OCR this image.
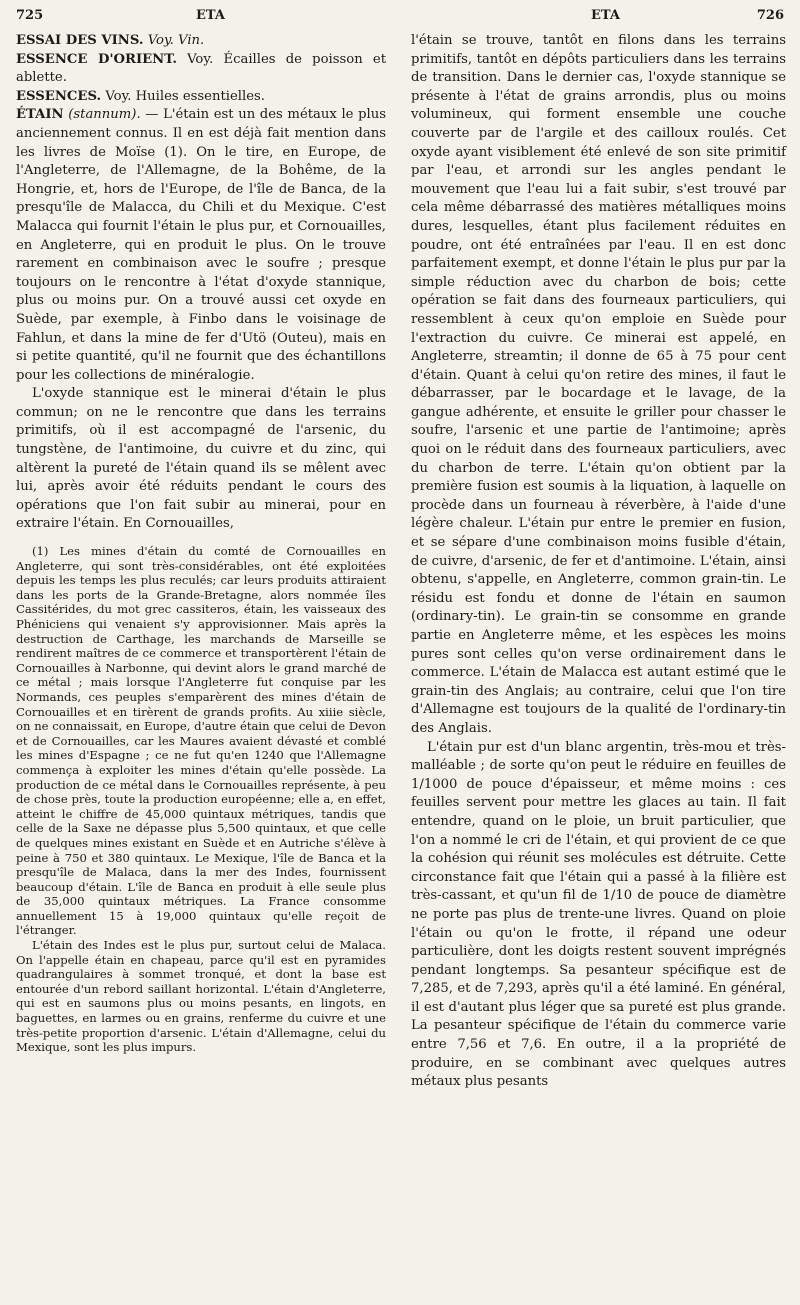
725	ETA	ETA	726

ESSAI DES VINS. Voy. Vin.

ESSENCE D'ORIENT. Voy. Écailles de poisson et ablette.

ESSENCES. Voy. Huiles essentielles.

ÉTAIN (stannum). — L'étain est un des métaux le plus anciennement connus. Il en est déjà fait mention dans les livres de Moïse (1). On le tire, en Europe, de l'Angleterre, de l'Allemagne, de la Bohême, de la Hongrie, et, hors de l'Europe, de l'île de Banca, de la presqu'île de Malacca, du Chili et du Mexique. C'est Malacca qui fournit l'étain le plus pur, et Cornouailles, en Angleterre, qui en produit le plus. On le trouve rarement en combinaison avec le soufre ; presque toujours on le rencontre à l'état d'oxyde stannique, plus ou moins pur. On a trouvé aussi cet oxyde en Suède, par exemple, à Finbo dans le voisinage de Fahlun, et dans la mine de fer d'Utö (Outeu), mais en si petite quantité, qu'il ne fournit que des échantillons pour les collections de minéralogie.

L'oxyde stannique est le minerai d'étain le plus commun; on ne le rencontre que dans les terrains primitifs, où il est accompagné de l'arsenic, du tungstène, de l'antimoine, du cuivre et du zinc, qui altèrent la pureté de l'étain quand ils se mêlent avec lui, après avoir été réduits pendant le cours des opérations que l'on fait subir au minerai, pour en extraire l'étain. En Cornouailles,

(1) Les mines d'étain du comté de Cornouailles en Angleterre, qui sont très-considérables, ont été exploitées depuis les temps les plus reculés; car leurs produits attiraient dans les ports de la Grande-Bretagne, alors nommée îles Cassitérides, du mot grec cassiteros, étain, les vaisseaux des Phéniciens qui venaient s'y approvisionner. Mais après la destruction de Carthage, les marchands de Marseille se rendirent maîtres de ce commerce et transportèrent l'étain de Cornouailles à Narbonne, qui devint alors le grand marché de ce métal ; mais lorsque l'Angleterre fut conquise par les Normands, ces peuples s'emparèrent des mines d'étain de Cornouailles et en tirèrent de grands profits. Au xiiie siècle, on ne connaissait, en Europe, d'autre étain que celui de Devon et de Cornouailles, car les Maures avaient dévasté et comblé les mines d'Espagne ; ce ne fut qu'en 1240 que l'Allemagne commença à exploiter les mines d'étain qu'elle possède. La production de ce métal dans le Cornouailles représente, à peu de chose près, toute la production européenne; elle a, en effet, atteint le chiffre de 45,000 quintaux métriques, tandis que celle de la Saxe ne dépasse plus 5,500 quintaux, et que celle de quelques mines existant en Suède et en Autriche s'élève à peine à 750 et 380 quintaux. Le Mexique, l'île de Banca et la presqu'île de Malaca, dans la mer des Indes, fournissent beaucoup d'étain. L'île de Banca en produit à elle seule plus de 35,000 quintaux métriques. La France consomme annuellement 15 à 19,000 quintaux qu'elle reçoit de l'étranger.

L'étain des Indes est le plus pur, surtout celui de Malaca. On l'appelle étain en chapeau, parce qu'il est en pyramides quadrangulaires à sommet tronqué, et dont la base est entourée d'un rebord saillant horizontal. L'étain d'Angleterre, qui est en saumons plus ou moins pesants, en lingots, en baguettes, en larmes ou en grains, renferme du cuivre et une très-petite proportion d'arsenic. L'étain d'Allemagne, celui du Mexique, sont les plus impurs.

l'étain se trouve, tantôt en filons dans les terrains primitifs, tantôt en dépôts particuliers dans les terrains de transition. Dans le dernier cas, l'oxyde stannique se présente à l'état de grains arrondis, plus ou moins volumineux, qui forment ensemble une couche couverte par de l'argile et des cailloux roulés. Cet oxyde ayant visiblement été enlevé de son site primitif par l'eau, et arrondi sur les angles pendant le mouvement que l'eau lui a fait subir, s'est trouvé par cela même débarrassé des matières métalliques moins dures, lesquelles, étant plus facilement réduites en poudre, ont été entraînées par l'eau. Il en est donc parfaitement exempt, et donne l'étain le plus pur par la simple réduction avec du charbon de bois; cette opération se fait dans des fourneaux particuliers, qui ressemblent à ceux qu'on emploie en Suède pour l'extraction du cuivre. Ce minerai est appelé, en Angleterre, streamtin; il donne de 65 à 75 pour cent d'étain. Quant à celui qu'on retire des mines, il faut le débarrasser, par le bocardage et le lavage, de la gangue adhérente, et ensuite le griller pour chasser le soufre, l'arsenic et une partie de l'antimoine; après quoi on le réduit dans des fourneaux particuliers, avec du charbon de terre. L'étain qu'on obtient par la première fusion est soumis à la liquation, à laquelle on procède dans un fourneau à réverbère, à l'aide d'une légère chaleur. L'étain pur entre le premier en fusion, et se sépare d'une combinaison moins fusible d'étain, de cuivre, d'arsenic, de fer et d'antimoine. L'étain, ainsi obtenu, s'appelle, en Angleterre, common grain-tin. Le résidu est fondu et donne de l'étain en saumon (ordinary-tin). Le grain-tin se consomme en grande partie en Angleterre même, et les espèces les moins pures sont celles qu'on verse ordinairement dans le commerce. L'étain de Malacca est autant estimé que le grain-tin des Anglais; au contraire, celui que l'on tire d'Allemagne est toujours de la qualité de l'ordinary-tin des Anglais.

L'étain pur est d'un blanc argentin, très-mou et très-malléable ; de sorte qu'on peut le réduire en feuilles de 1/1000 de pouce d'épaisseur, et même moins : ces feuilles servent pour mettre les glaces au tain. Il fait entendre, quand on le ploie, un bruit particulier, que l'on a nommé le cri de l'étain, et qui provient de ce que la cohésion qui réunit ses molécules est détruite. Cette circonstance fait que l'étain qui a passé à la filière est très-cassant, et qu'un fil de 1/10 de pouce de diamètre ne porte pas plus de trente-une livres. Quand on ploie l'étain ou qu'on le frotte, il répand une odeur particulière, dont les doigts restent souvent imprégnés pendant longtemps. Sa pesanteur spécifique est de 7,285, et de 7,293, après qu'il a été laminé. En général, il est d'autant plus léger que sa pureté est plus grande. La pesanteur spécifique de l'étain du commerce varie entre 7,56 et 7,6. En outre, il a la propriété de produire, en se combinant avec quelques autres métaux plus pesants
